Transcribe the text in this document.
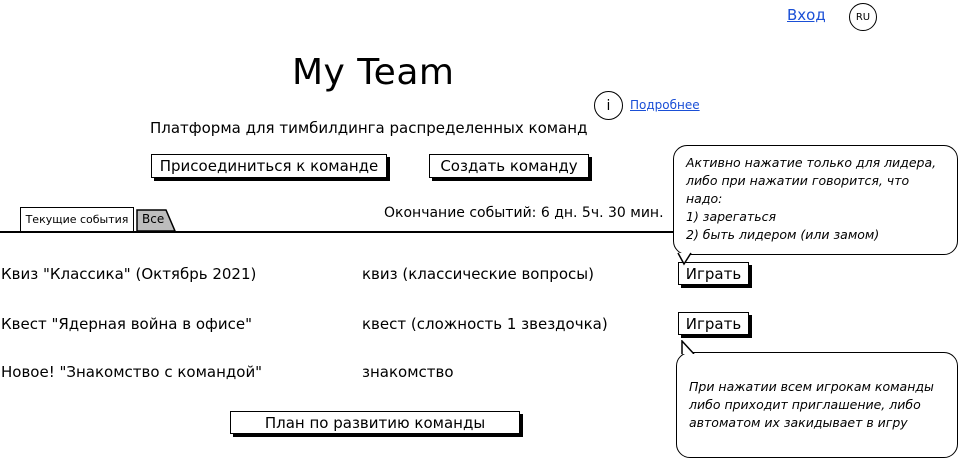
Вход	RU
My Team
i Подробнее
Платформа для тимбилдинга распределенных команд
Присоединиться к команде	Создать команду
Текущие события Все	Окончание событий: 6 дн. 5ч. 30 мин.
Квиз "Классика" (Октябрь 2021)	квиз (классические вопросы)	Играть
Квест "Ядерная война в офисе"	квест (сложность 1 звездочка)	Играть
Новое! "Знакомство с командой"	знакомство
План по развитию команды
Активно нажатие только для лидера,
либо при нажатии говорится, что
надо:
1) зарегаться
2) быть лидером (или замом)
При нажатии всем игрокам команды
либо приходит приглашение, либо
автоматом их закидывает в игру
